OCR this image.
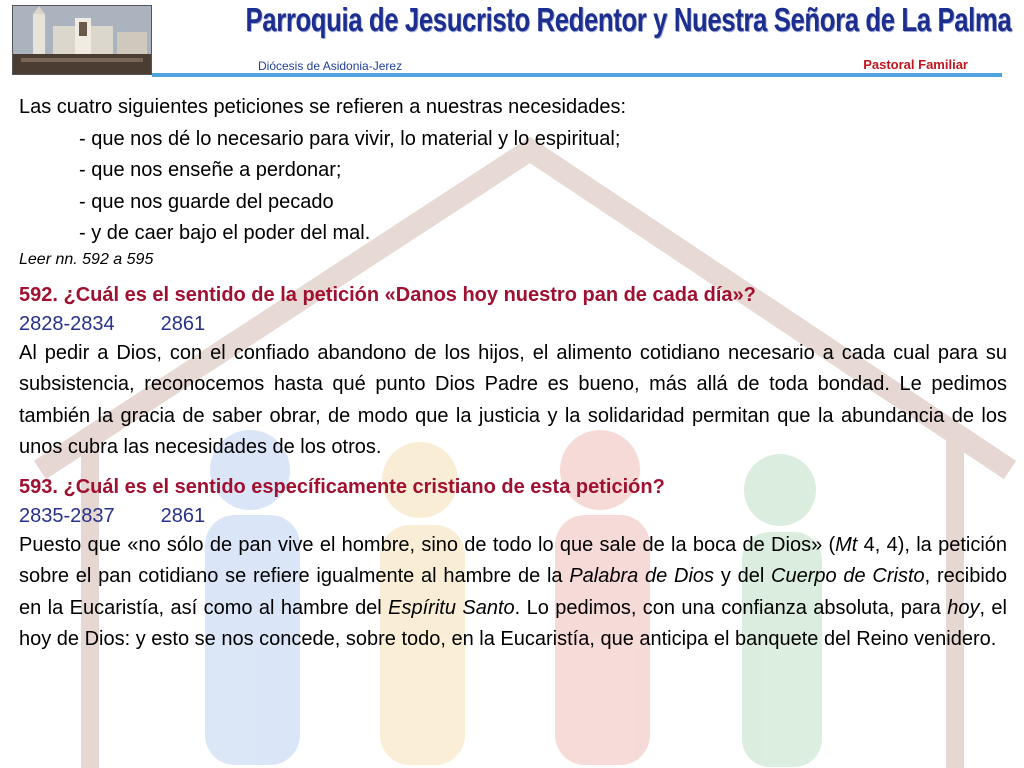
Parroquia de Jesucristo Redentor y Nuestra Señora de La Palma
Diócesis de Asidonia-Jerez	Pastoral Familiar
Las cuatro siguientes peticiones se refieren a nuestras necesidades:
- que nos dé lo necesario para vivir, lo material y lo espiritual;
- que nos enseñe a perdonar;
- que nos guarde del pecado
- y de caer bajo el poder del mal.
Leer nn. 592 a 595
592. ¿Cuál es el sentido de la petición «Danos hoy nuestro pan de cada día»?
2828-2834 2861
Al pedir a Dios, con el confiado abandono de los hijos, el alimento cotidiano necesario a cada cual para su subsistencia, reconocemos hasta qué punto Dios Padre es bueno, más allá de toda bondad. Le pedimos también la gracia de saber obrar, de modo que la justicia y la solidaridad permitan que la abundancia de los unos cubra las necesidades de los otros.
593. ¿Cuál es el sentido específicamente cristiano de esta petición?
2835-2837 2861
Puesto que «no sólo de pan vive el hombre, sino de todo lo que sale de la boca de Dios» (Mt 4, 4), la petición sobre el pan cotidiano se refiere igualmente al hambre de la Palabra de Dios y del Cuerpo de Cristo, recibido en la Eucaristía, así como al hambre del Espíritu Santo. Lo pedimos, con una confianza absoluta, para hoy, el hoy de Dios: y esto se nos concede, sobre todo, en la Eucaristía, que anticipa el banquete del Reino venidero.
